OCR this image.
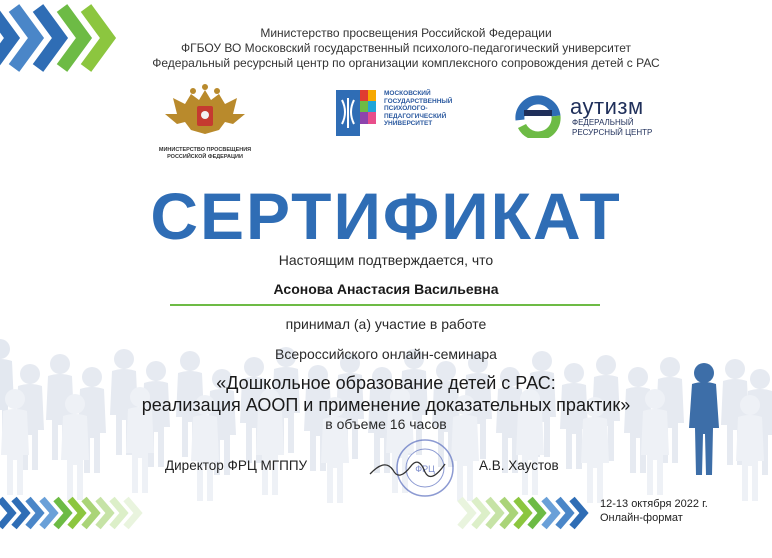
Министерство просвещения Российской Федерации
ФГБОУ ВО Московский государственный психолого-педагогический университет
Федеральный ресурсный центр по организации комплексного сопровождения детей с РАС
МИНИСТЕРСТВО ПРОСВЕЩЕНИЯ
РОССИЙСКОЙ ФЕДЕРАЦИИ
МОСКОВСКИЙ
ГОСУДАРСТВЕННЫЙ
ПСИХОЛОГО-
ПЕДАГОГИЧЕСКИЙ
УНИВЕРСИТЕТ
аутизм
ФЕДЕРАЛЬНЫЙ
РЕСУРСНЫЙ ЦЕНТР
СЕРТИФИКАТ
Настоящим подтверждается, что
Асонова Анастасия Васильевна
принимал (а) участие в работе
Всероссийского онлайн-семинара
«Дошкольное образование детей с РАС:
реализация АООП и применение доказательных практик»
в объеме 16 часов
Директор ФРЦ МГППУ	ФРЦ	А.В. Хаустов
12-13 октября 2022 г.
Онлайн-формат
